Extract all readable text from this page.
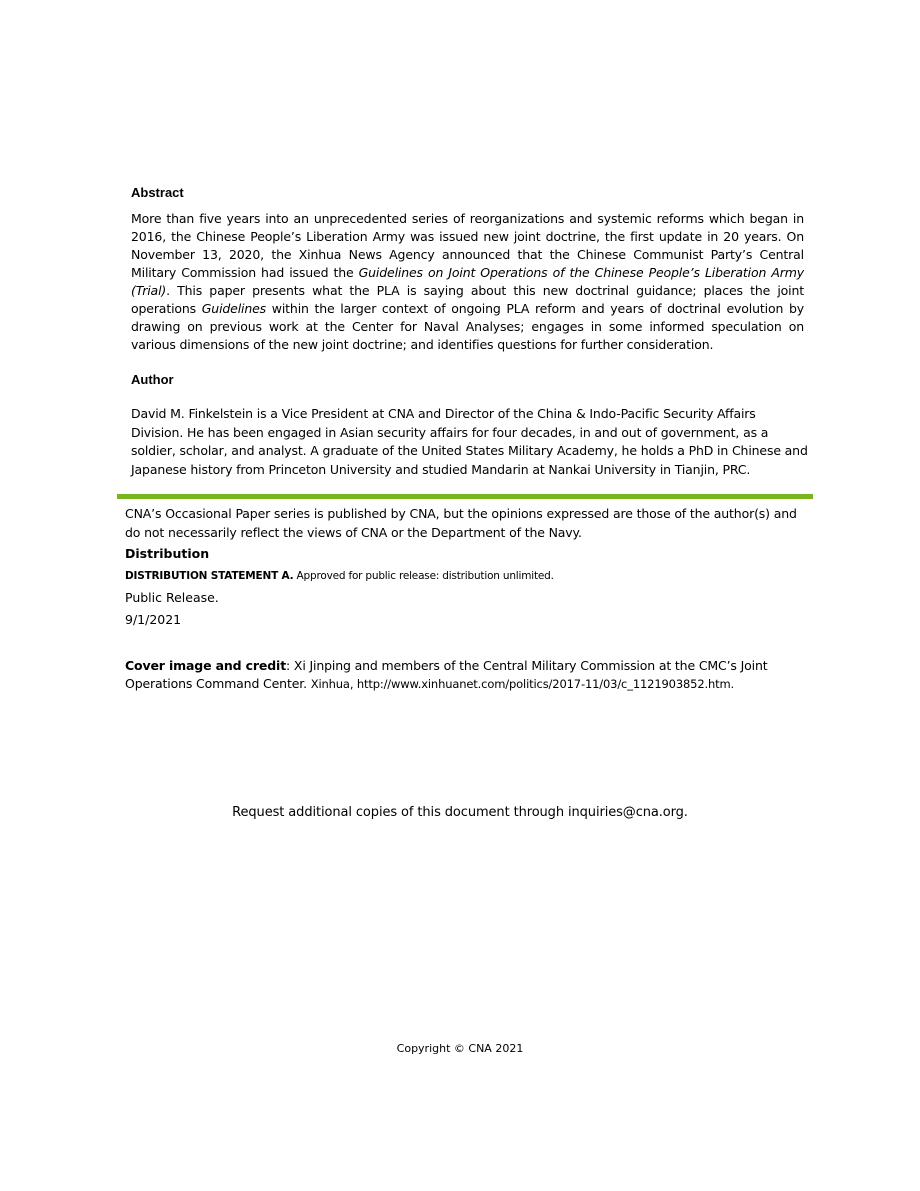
Abstract
More than five years into an unprecedented series of reorganizations and systemic reforms which began in 2016, the Chinese People’s Liberation Army was issued new joint doctrine, the first update in 20 years. On November 13, 2020, the Xinhua News Agency announced that the Chinese Communist Party’s Central Military Commission had issued the Guidelines on Joint Operations of the Chinese People’s Liberation Army (Trial). This paper presents what the PLA is saying about this new doctrinal guidance; places the joint operations Guidelines within the larger context of ongoing PLA reform and years of doctrinal evolution by drawing on previous work at the Center for Naval Analyses; engages in some informed speculation on various dimensions of the new joint doctrine; and identifies questions for further consideration.
Author
David M. Finkelstein is a Vice President at CNA and Director of the China & Indo-Pacific Security Affairs Division. He has been engaged in Asian security affairs for four decades, in and out of government, as a soldier, scholar, and analyst. A graduate of the United States Military Academy, he holds a PhD in Chinese and Japanese history from Princeton University and studied Mandarin at Nankai University in Tianjin, PRC.
CNA’s Occasional Paper series is published by CNA, but the opinions expressed are those of the author(s) and do not necessarily reflect the views of CNA or the Department of the Navy.
Distribution
DISTRIBUTION STATEMENT A. Approved for public release: distribution unlimited.
Public Release.
9/1/2021
Cover image and credit: Xi Jinping and members of the Central Military Commission at the CMC’s Joint Operations Command Center. Xinhua, http://www.xinhuanet.com/politics/2017-11/03/c_1121903852.htm.
Request additional copies of this document through inquiries@cna.org.
Copyright © CNA 2021
